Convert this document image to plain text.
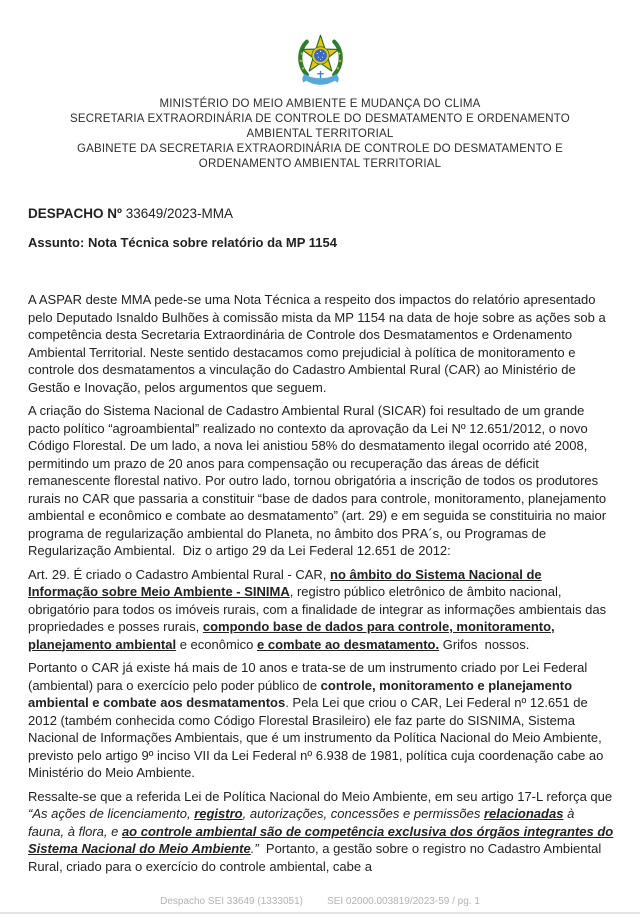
MINISTÉRIO DO MEIO AMBIENTE E MUDANÇA DO CLIMA
SECRETARIA EXTRAORDINÁRIA DE CONTROLE DO DESMATAMENTO E ORDENAMENTO AMBIENTAL TERRITORIAL
GABINETE DA SECRETARIA EXTRAORDINÁRIA DE CONTROLE DO DESMATAMENTO E ORDENAMENTO AMBIENTAL TERRITORIAL

DESPACHO Nº 33649/2023-MMA

Assunto: Nota Técnica sobre relatório da MP 1154

A ASPAR deste MMA pede-se uma Nota Técnica a respeito dos impactos do relatório apresentado pelo Deputado Isnaldo Bulhões à comissão mista da MP 1154 na data de hoje sobre as ações sob a competência desta Secretaria Extraordinária de Controle dos Desmatamentos e Ordenamento Ambiental Territorial. Neste sentido destacamos como prejudicial à política de monitoramento e controle dos desmatamentos a vinculação do Cadastro Ambiental Rural (CAR) ao Ministério de Gestão e Inovação, pelos argumentos que seguem.

A criação do Sistema Nacional de Cadastro Ambiental Rural (SICAR) foi resultado de um grande pacto político “agroambiental” realizado no contexto da aprovação da Lei Nº 12.651/2012, o novo Código Florestal. De um lado, a nova lei anistiou 58% do desmatamento ilegal ocorrido até 2008, permitindo um prazo de 20 anos para compensação ou recuperação das áreas de déficit remanescente florestal nativo. Por outro lado, tornou obrigatória a inscrição de todos os produtores rurais no CAR que passaria a constituir “base de dados para controle, monitoramento, planejamento ambiental e econômico e combate ao desmatamento” (art. 29) e em seguida se constituiria no maior programa de regularização ambiental do Planeta, no âmbito dos PRA´s, ou Programas de Regularização Ambiental.  Diz o artigo 29 da Lei Federal 12.651 de 2012:

Art. 29. É criado o Cadastro Ambiental Rural - CAR, no âmbito do Sistema Nacional de Informação sobre Meio Ambiente - SINIMA, registro público eletrônico de âmbito nacional, obrigatório para todos os imóveis rurais, com a finalidade de integrar as informações ambientais das propriedades e posses rurais, compondo base de dados para controle, monitoramento, planejamento ambiental e econômico e combate ao desmatamento. Grifos  nossos.

Portanto o CAR já existe há mais de 10 anos e trata-se de um instrumento criado por Lei Federal (ambiental) para o exercício pelo poder público de controle, monitoramento e planejamento ambiental e combate aos desmatamentos. Pela Lei que criou o CAR, Lei Federal nº 12.651 de 2012 (também conhecida como Código Florestal Brasileiro) ele faz parte do SISNIMA, Sistema Nacional de Informações Ambientais, que é um instrumento da Política Nacional do Meio Ambiente, previsto pelo artigo 9º inciso VII da Lei Federal nº 6.938 de 1981, política cuja coordenação cabe ao Ministério do Meio Ambiente.

Ressalte-se que a referida Lei de Política Nacional do Meio Ambiente, em seu artigo 17-L reforça que “As ações de licenciamento, registro, autorizações, concessões e permissões relacionadas à fauna, à flora, e ao controle ambiental são de competência exclusiva dos órgãos integrantes do Sistema Nacional do Meio Ambiente.”  Portanto, a gestão sobre o registro no Cadastro Ambiental Rural, criado para o exercício do controle ambiental, cabe a

Despacho SEI 33649 (1333051) SEI 02000.003819/2023-59 / pg. 1
